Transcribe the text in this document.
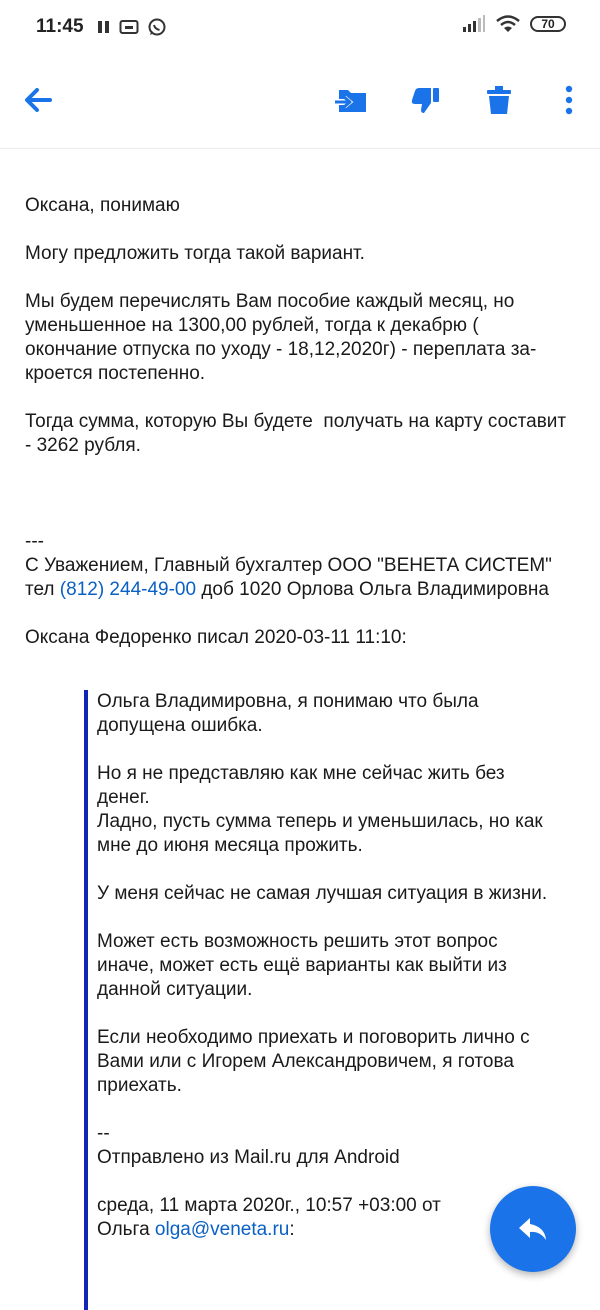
11:45	70

Оксана, понимаю

Могу предложить тогда такой вариант.

Мы будем перечислять Вам пособие каждый месяц, но уменьшенное на 1300,00 рублей, тогда к декабрю ( окончание отпуска по уходу - 18,12,2020г) - переплата за-кроется постепенно.

Тогда сумма, которую Вы будете  получать на карту составит - 3262 рубля.

---

С Уважением, Главный бухгалтер ООО "ВЕНЕТА СИСТЕМ"

тел (812) 244-49-00 доб 1020 Орлова Ольга Владимировна

Оксана Федоренко писал 2020-03-11 11:10:

Ольга Владимировна, я понимаю что была допущена ошибка.

Но я не представляю как мне сейчас жить без денег.
Ладно, пусть сумма теперь и уменьшилась, но как мне до июня месяца прожить.

У меня сейчас не самая лучшая ситуация в жизни.

Может есть возможность решить этот вопрос иначе, может есть ещё варианты как выйти из данной ситуации.

Если необходимо приехать и поговорить лично с Вами или с Игорем Александровичем, я готова приехать.

--

Отправлено из Mail.ru для Android

среда, 11 марта 2020г., 10:57 +03:00 от

Ольга olga@veneta.ru:
